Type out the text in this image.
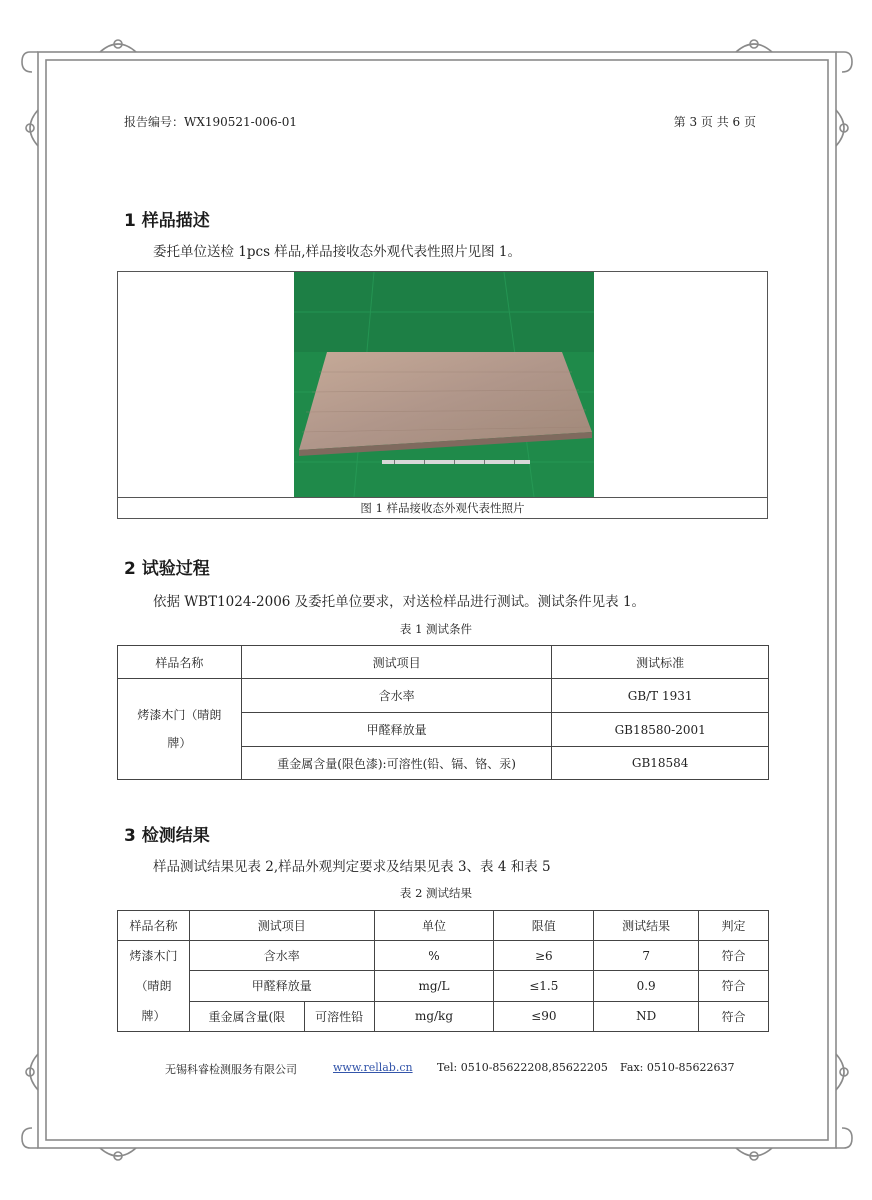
报告编号：WX190521-006-01	第 3 页 共 6 页
1 样品描述
委托单位送检 1pcs 样品,样品接收态外观代表性照片见图 1。
图 1 样品接收态外观代表性照片
2 试验过程
依据 WBT1024-2006 及委托单位要求，对送检样品进行测试。测试条件见表 1。
表 1 测试条件
样品名称	测试项目	测试标准
烤漆木门（晴朗牌）	含水率	GB/T 1931
	甲醛释放量	GB18580-2001
	重金属含量(限色漆):可溶性(铅、镉、铬、汞)	GB18584
3 检测结果
样品测试结果见表 2,样品外观判定要求及结果见表 3、表 4 和表 5
表 2 测试结果
样品名称	测试项目		单位	限值	测试结果	判定

烤漆木门
（晴朗
牌）	含水率		%	≥6	7	符合
	甲醛释放量		mg/L	≤1.5	0.9	符合
	重金属含量(限	可溶性铅	mg/kg	≤90	ND	符合
无锡科睿检测服务有限公司	www.rellab.cn Tel: 0510-85622208,85622205 Fax: 0510-85622637
